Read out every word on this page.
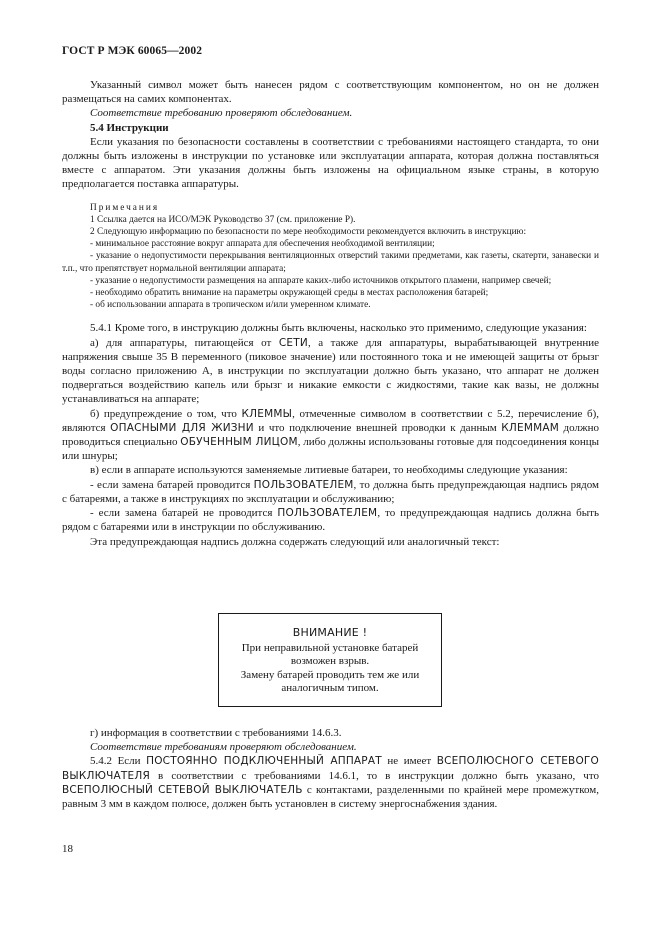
ГОСТ Р МЭК 60065—2002

Указанный символ может быть нанесен рядом с соответствующим компонентом, но он не должен размещаться на самих компонентах.

Соответствие требованию проверяют обследованием.

5.4 Инструкции

Если указания по безопасности составлены в соответствии с требованиями настоящего стандарта, то они должны быть изложены в инструкции по установке или эксплуатации аппарата, которая должна поставляться вместе с аппаратом. Эти указания должны быть изложены на официальном языке страны, в которую предполагается поставка аппаратуры.

Примечания

1 Ссылка дается на ИСО/МЭК Руководство 37 (см. приложение Р).

2 Следующую информацию по безопасности по мере необходимости рекомендуется включить в инструкцию:

- минимальное расстояние вокруг аппарата для обеспечения необходимой вентиляции;

- указание о недопустимости перекрывания вентиляционных отверстий такими предметами, как газеты, скатерти, занавески и т.п., что препятствует нормальной вентиляции аппарата;

- указание о недопустимости размещения на аппарате каких-либо источников открытого пламени, например свечей;

- необходимо обратить внимание на параметры окружающей среды в местах расположения батарей;

- об использовании аппарата в тропическом и/или умеренном климате.

5.4.1 Кроме того, в инструкцию должны быть включены, насколько это применимо, следующие указания:

а) для аппаратуры, питающейся от СЕТИ, а также для аппаратуры, вырабатывающей внутренние напряжения свыше 35 В переменного (пиковое значение) или постоянного тока и не имеющей защиты от брызг воды согласно приложению А, в инструкции по эксплуатации должно быть указано, что аппарат не должен подвергаться воздействию капель или брызг и никакие емкости с жидкостями, такие как вазы, не должны устанавливаться на аппарате;

б) предупреждение о том, что КЛЕММЫ, отмеченные символом в соответствии с 5.2, перечисление б), являются ОПАСНЫМИ ДЛЯ ЖИЗНИ и что подключение внешней проводки к данным КЛЕММАМ должно проводиться специально ОБУЧЕННЫМ ЛИЦОМ, либо должны использованы готовые для подсоединения концы или шнуры;

в) если в аппарате используются заменяемые литиевые батареи, то необходимы следующие указания:

- если замена батарей проводится ПОЛЬЗОВАТЕЛЕМ, то должна быть предупреждающая надпись рядом с батареями, а также в инструкциях по эксплуатации и обслуживанию;

- если замена батарей не проводится ПОЛЬЗОВАТЕЛЕМ, то предупреждающая надпись должна быть рядом с батареями или в инструкции по обслуживанию.

Эта предупреждающая надпись должна содержать следующий или аналогичный текст:

ВНИМАНИЕ !
При неправильной установке батарей
возможен взрыв.
Замену батарей проводить тем же или
аналогичным типом.

г) информация в соответствии с требованиями 14.6.3.

Соответствие требованиям проверяют обследованием.

5.4.2 Если ПОСТОЯННО ПОДКЛЮЧЕННЫЙ АППАРАТ не имеет ВСЕПОЛЮСНОГО СЕТЕВОГО ВЫКЛЮЧАТЕЛЯ в соответствии с требованиями 14.6.1, то в инструкции должно быть указано, что ВСЕПОЛЮСНЫЙ СЕТЕВОЙ ВЫКЛЮЧАТЕЛЬ с контактами, разделенными по крайней мере промежутком, равным 3 мм в каждом полюсе, должен быть установлен в систему энергоснабжения здания.

18
